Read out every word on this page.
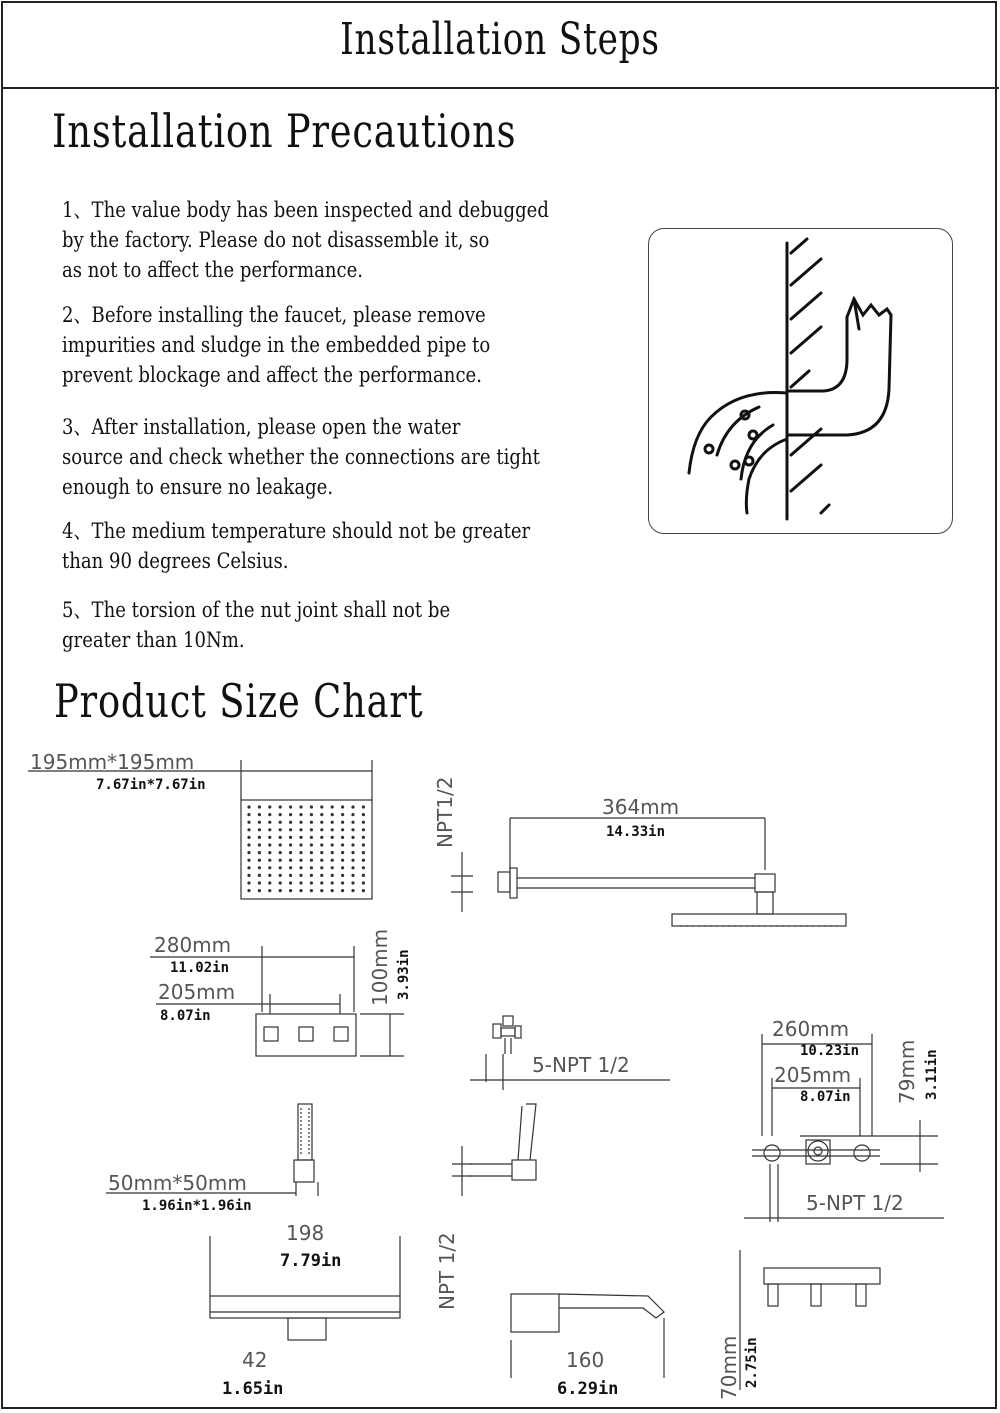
Installation Steps
Installation Precautions
1、The value body has been inspected and debugged
by the factory. Please do not disassemble it, so
as not to affect the performance.
2、Before installing the faucet, please remove
impurities and sludge in the embedded pipe to
prevent blockage and affect the performance.
3、After installation, please open the water
source and check whether the connections are tight
enough to ensure no leakage.
4、The medium temperature should not be greater
than 90 degrees Celsius.
5、The torsion of the nut joint shall not be
greater than 10Nm.
Product Size Chart
195mm*195mm
7.67in*7.67in	NPT1/2	364mm
14.33in
280mm
11.02in
205mm
8.07in
100mm 3.93in
5-NPT 1/2
260mm
10.23in
205mm
8.07in 79mm 3.11in
5-NPT 1/2
50mm*50mm
1.96in*1.96in
NPT 1/2
198
7.79in
42
1.65in
160
6.29in	70mm 2.75in
